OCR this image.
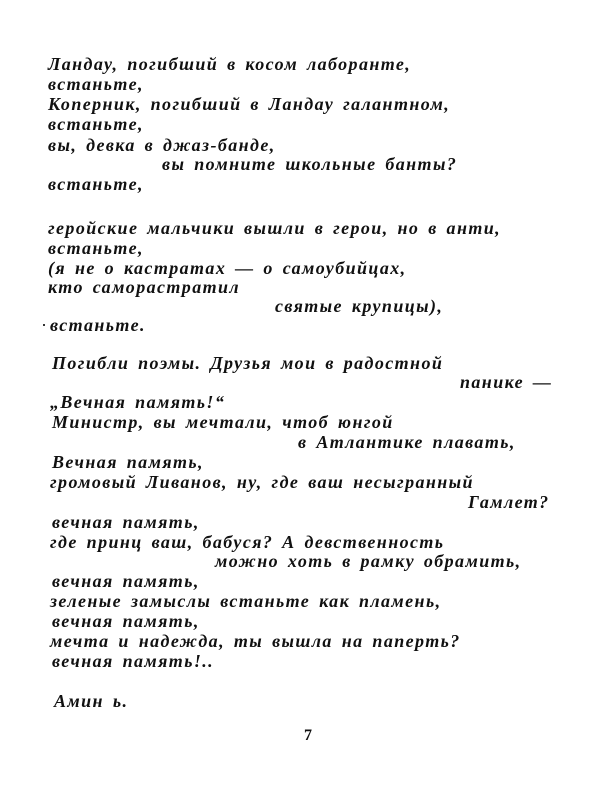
Ландау, погибший в косом лаборанте,
встаньте,
Коперник, погибший в Ландау галантном,
встаньте,
вы, девка в джаз-банде,
вы помните школьные банты?
встаньте,
геройские мальчики вышли в герои, но в анти,
встаньте,
(я не о кастратах — о самоубийцах,
кто саморастратил
святые крупицы),
встаньте.
Погибли поэмы. Друзья мои в радостной
панике —
„Вечная память!“
Министр, вы мечтали, чтоб юнгой
в Атлантике плавать,
Вечная память,
громовый Ливанов, ну, где ваш несыгранный
Гамлет?
вечная память,
где принц ваш, бабуся? А девственность
можно хоть в рамку обрамить,
вечная память,
зеленые замыслы встаньте как пламень,
вечная память,
мечта и надежда, ты вышла на паперть?
вечная память!..
Амин ь.
7
